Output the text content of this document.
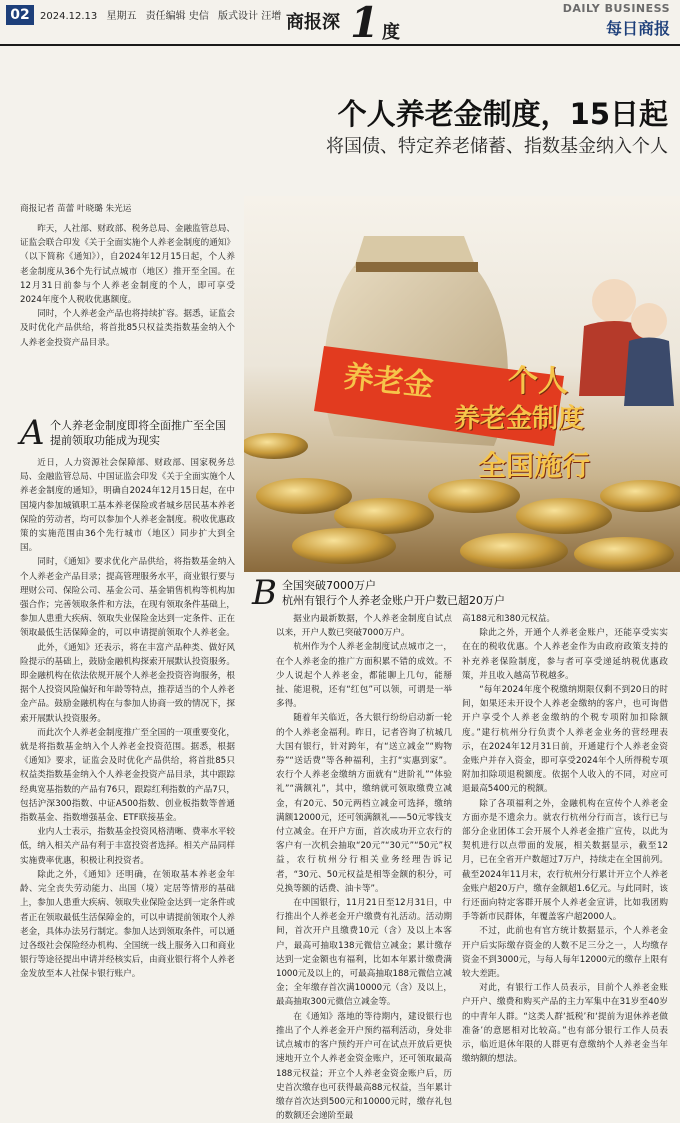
02	2024.12.13 星期五 责任编辑 史信 版式设计 汪增 商报深 1 度
DAILY BUSINESS
每日商报
个人养老金制度，15日起
将国债、特定养老储蓄、指数基金纳入个人
养老金 个人
养老金制度
全国施行
商报记者 苗蕾 叶晓璐 朱光运

昨天，人社部、财政部、税务总局、金融监管总局、证监会联合印发《关于全面实施个人养老金制度的通知》（以下简称《通知》），自2024年12月15日起，个人养老金制度从36个先行试点城市（地区）推开至全国。在12月31日前参与个人养老金制度的个人，即可享受2024年度个人税收优惠额度。

同时，个人养老金产品也将持续扩容。据悉，证监会及时优化产品供给，将首批85只权益类指数基金纳入个人养老金投资产品目录。

A 个人养老金制度即将全面推广至全国
提前领取功能成为现实

近日，人力资源社会保障部、财政部、国家税务总局、金融监管总局、中国证监会印发《关于全面实施个人养老金制度的通知》，明确自2024年12月15日起，在中国境内参加城镇职工基本养老保险或者城乡居民基本养老保险的劳动者，均可以参加个人养老金制度。税收优惠政策的实施范围由36个先行城市（地区）同步扩大到全国。

同时，《通知》要求优化产品供给，将指数基金纳入个人养老金产品目录；提高管理服务水平，商业银行要与理财公司、保险公司、基金公司、基金销售机构等机构加强合作；完善领取条件和方法，在现有领取条件基础上，参加人患重大疾病、领取失业保险金达到一定条件、正在领取最低生活保障金的，可以申请提前领取个人养老金。

此外，《通知》还表示，将在丰富产品种类、做好风险提示的基础上，鼓励金融机构探索开展默认投资服务。即金融机构在依法依规开展个人养老金投资咨询服务，根据个人投资风险偏好和年龄等特点，推荐适当的个人养老金产品。鼓励金融机构在与参加人协商一致的情况下，探索开展默认投资服务。

而此次个人养老金制度推广至全国的一项重要变化，就是将指数基金纳入个人养老金投资范围。据悉，根据《通知》要求，证监会及时优化产品供给，将首批85只权益类指数基金纳入个人养老金投资产品目录，其中跟踪经典宽基指数的产品有76只，跟踪红利指数的产品7只，包括沪深300指数、中证A500指数、创业板指数等普通指数基金、指数增强基金、ETF联接基金。

业内人士表示，指数基金投资风格清晰、费率水平较低，纳入相关产品有利于丰富投资者选择。相关产品同样实施费率优惠，积极让利投资者。

除此之外，《通知》还明确，在领取基本养老金年龄、完全丧失劳动能力、出国（境）定居等情形的基础上，参加人患重大疾病、领取失业保险金达到一定条件或者正在领取最低生活保障金的，可以申请提前领取个人养老金，具体办法另行制定。参加人达到领取条件，可以通过各级社会保险经办机构、全国统一线上服务入口和商业银行等途径提出申请并经核实后，由商业银行将个人养老金发放至本人社保卡银行账户。

B 全国突破7000万户
杭州有银行个人养老金账户开户数已超20万户

据业内最新数据，个人养老金制度自试点以来，开户人数已突破7000万户。

杭州作为个人养老金制度试点城市之一，在个人养老金的推广方面积累不错的成效。不少人说起个人养老金，都能聊上几句，能掰扯、能退税，还有“红包”可以领，可谓是一举多得。

随着年关临近，各大银行纷纷启动新一轮的个人养老金福利。昨日，记者咨询了杭城几大国有银行，针对跨年，有“送立减金”“购物券”“送话费”等各种福利，主打“实惠到家”。农行个人养老金缴纳方面就有“进阶礼”“体验礼”“满额礼”，其中，缴纳就可领取缴费立减金，有20元、50元两档立减金可选择，缴纳满额12000元，还可领满额礼——50元零钱支付立减金。在开户方面，首次成功开立农行的客户有一次机会抽取“20元”“30元”“50元”权益，农行杭州分行相关业务经理告诉记者，“30元、50元权益是相等金额的积分，可兑换等额的话费、油卡等”。

在中国银行，11月21日至12月31日，中行推出个人养老金开户缴费有礼活动。活动期间，首次开户且缴费10元（含）及以上本客户，最高可抽取138元微信立减金；累计缴存达到一定金额也有福利，比如本年累计缴费满1000元及以上的，可最高抽取188元微信立减金；全年缴存首次满10000元（含）及以上，最高抽取300元微信立减金等。

在《通知》落地的等待期内，建设银行也推出了个人养老金开户预约福利活动，身处非试点城市的客户预约开户可在试点开放后更快速地开立个人养老金资金账户，还可领取最高188元权益；开立个人养老金资金账户后，历史首次缴存也可获得最高88元权益，当年累计缴存首次达到500元和10000元时，缴存礼包的数额还会递阶至最

高188元和380元权益。

除此之外，开通个人养老金账户，还能享受实实在在的税收优惠。个人养老金作为由政府政策支持的补充养老保险制度，参与者可享受递延纳税优惠政策，并且收入越高节税越多。

“每年2024年度个税缴纳期限仅剩不到20日的时间，如果还未开设个人养老金缴纳的客户，也可询借开户享受个人养老金缴纳的个税专项附加扣除额度。”建行杭州分行负责个人养老金业务的营经理表示，在2024年12月31日前，开通建行个人养老金资金账户并存入资金，即可享受2024年个人所得税专项附加扣除项退税额度。依据个人收入的不同，对应可退最高5400元的税额。

除了各项福利之外，金融机构在宣传个人养老金方面亦是不遗余力。就农行杭州分行而言，该行已与部分企业团体工会开展个人养老金推广宣传，以此为契机进行以点带面的发展，相关数据显示，截至12月，已在全省开户数超过7万户，持续走在全国前列。截至2024年11月末，农行杭州分行累计开立个人养老金账户超20万户，缴存金额超1.6亿元。与此同时，该行还面向特定客群开展个人养老金宣讲，比如我团购手等新市民群体，年覆盖客户超2000人。

不过，此前也有官方统计数据显示，个人养老金开户后实际缴存资金的人数不足三分之一，人均缴存资金不到3000元，与每人每年12000元的缴存上限有较大差距。

对此，有银行工作人员表示，目前个人养老金账户开户、缴费和购买产品的主力军集中在31岁至40岁的中青年人群。“这类人群‘抵税’和‘提前为退休养老做准备’的意愿相对比较高。”也有部分银行工作人员表示，临近退休年限的人群更有意缴纳个人养老金当年缴纳额的想法。
